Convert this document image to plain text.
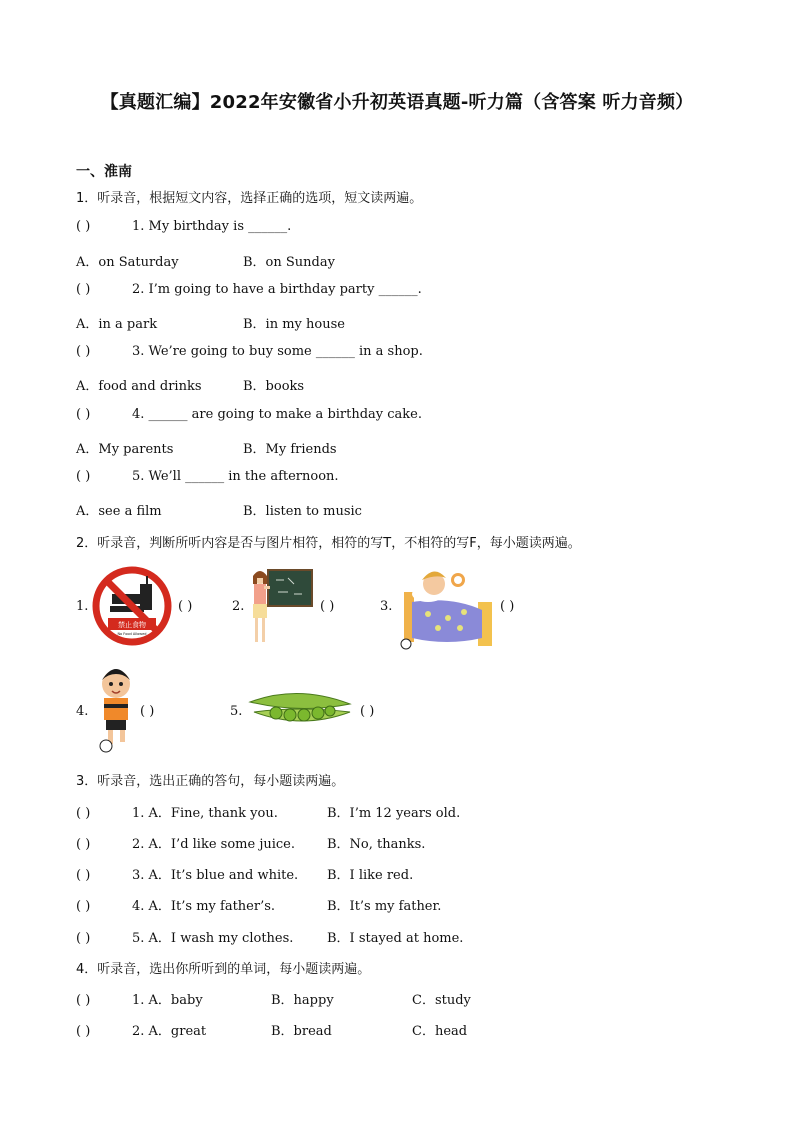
【真题汇编】2022年安徽省小升初英语真题-听力篇（含答案 听力音频）
一、淮南
1．听录音，根据短文内容，选择正确的选项，短文读两遍。
( )	1. My birthday is ______.
A．on Saturday	B．on Sunday

( )	2. I’m going to have a birthday party ______.
A．in a park	B．in my house

( )	3. We’re going to buy some ______ in a shop.
A．food and drinks	B．books

( )	4. ______ are going to make a birthday cake.
A．My parents	B．My friends

( )	5. We’ll ______ in the afternoon.
A．see a film	B．listen to music

2．听录音，判断所听内容是否与图片相符，相符的写T，不相符的写F，每小题读两遍。
1.
禁止食物
No Food Allowed
( )	2.	( )	3.	( )
4.	( )	5.	( )
3．听录音，选出正确的答句，每小题读两遍。
( )	1. A．Fine, thank you.	B．I’m 12 years old.
( )	2. A．I’d like some juice. B．No, thanks.
( )	3. A．It’s blue and white. B．I like red.
( )	4. A．It’s my father’s.	B．It’s my father.
( )	5. A．I wash my clothes.	B．I stayed at home.
4．听录音，选出你所听到的单词，每小题读两遍。
( )	1. A．baby	B．happy	C．study
( )	2. A．great	B．bread	C．head
